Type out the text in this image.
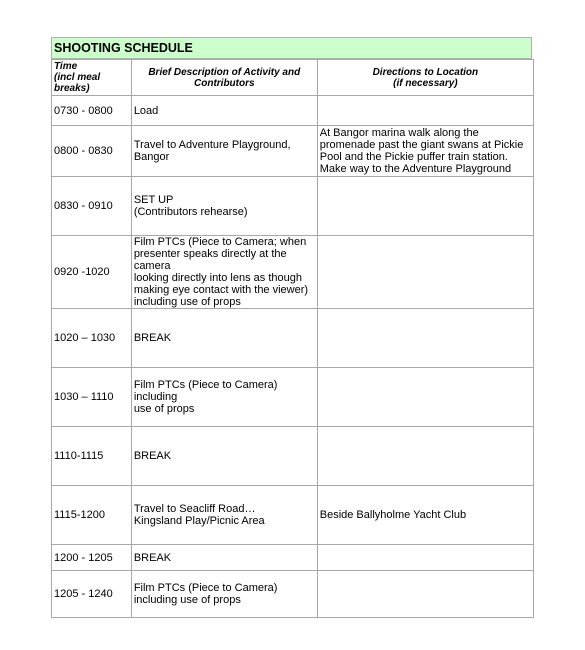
SHOOTING SCHEDULE
Time
(incl meal
breaks)	Brief Description of Activity and
Contributors	Directions to Location
(if necessary)

0730 - 0800	Load	

0800 - 0830	Travel to Adventure Playground,
Bangor	At Bangor marina walk along the
promenade past the giant swans at Pickie
Pool and the Pickie puffer train station.
Make way to the Adventure Playground

0830 - 0910	SET UP
(Contributors rehearse)	

0920 -1020	Film PTCs (Piece to Camera; when
presenter speaks directly at the camera
looking directly into lens as though
making eye contact with the viewer)
including use of props	

1020 – 1030	BREAK	

1030 – 1110	Film PTCs (Piece to Camera) including
use of props	

1110-1115	BREAK	

1115-1200	Travel to Seacliff Road…
Kingsland Play/Picnic Area	Beside Ballyholme Yacht Club

1200 - 1205	BREAK	

1205 - 1240	Film PTCs (Piece to Camera)
including use of props	
